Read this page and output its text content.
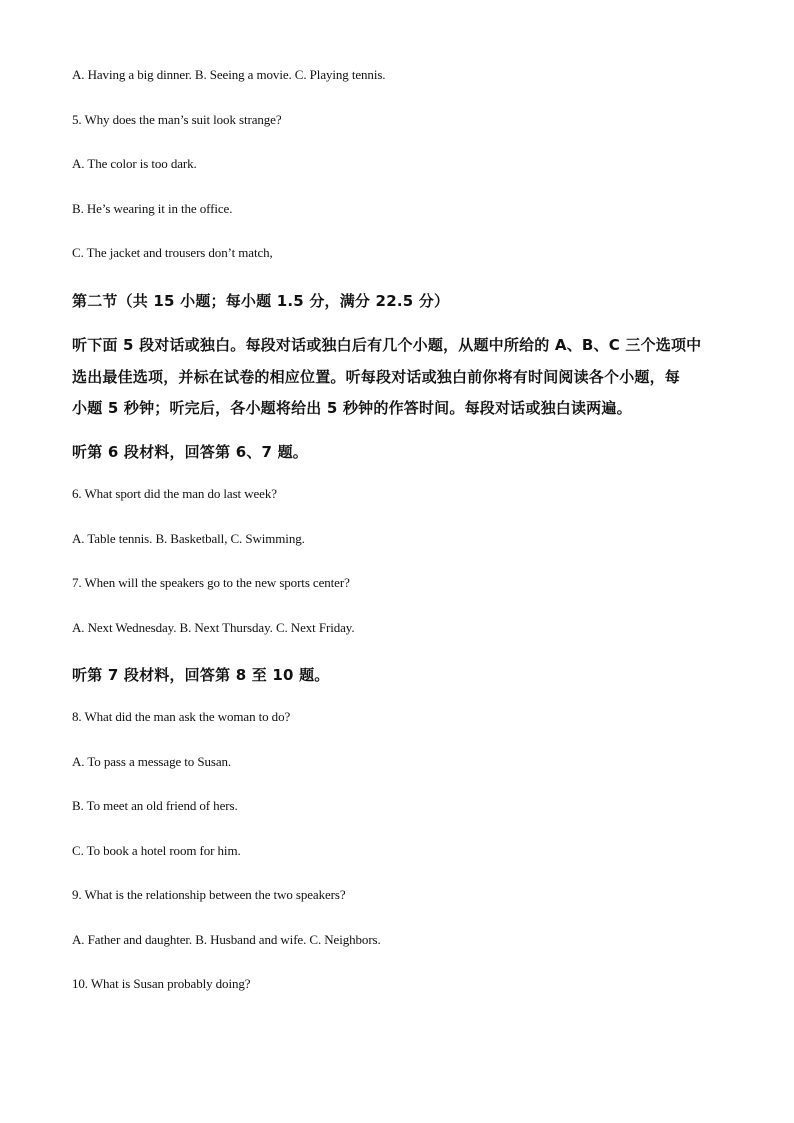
A. Having a big dinner. B. Seeing a movie. C. Playing tennis.
5. Why does the man’s suit look strange?
A. The color is too dark.
B. He’s wearing it in the office.
C. The jacket and trousers don’t match,
第二节（共 15 小题；每小题 1.5 分，满分 22.5 分）
听下面 5 段对话或独白。每段对话或独白后有几个小题，从题中所给的 A、B、C 三个选项中
选出最佳选项，并标在试卷的相应位置。听每段对话或独白前你将有时间阅读各个小题，每
小题 5 秒钟；听完后，各小题将给出 5 秒钟的作答时间。每段对话或独白读两遍。
听第 6 段材料，回答第 6、7 题。
6. What sport did the man do last week?
A. Table tennis. B. Basketball, C. Swimming.
7. When will the speakers go to the new sports center?
A. Next Wednesday. B. Next Thursday. C. Next Friday.
听第 7 段材料，回答第 8 至 10 题。
8. What did the man ask the woman to do?
A. To pass a message to Susan.
B. To meet an old friend of hers.
C. To book a hotel room for him.
9. What is the relationship between the two speakers?
A. Father and daughter. B. Husband and wife. C. Neighbors.
10. What is Susan probably doing?
